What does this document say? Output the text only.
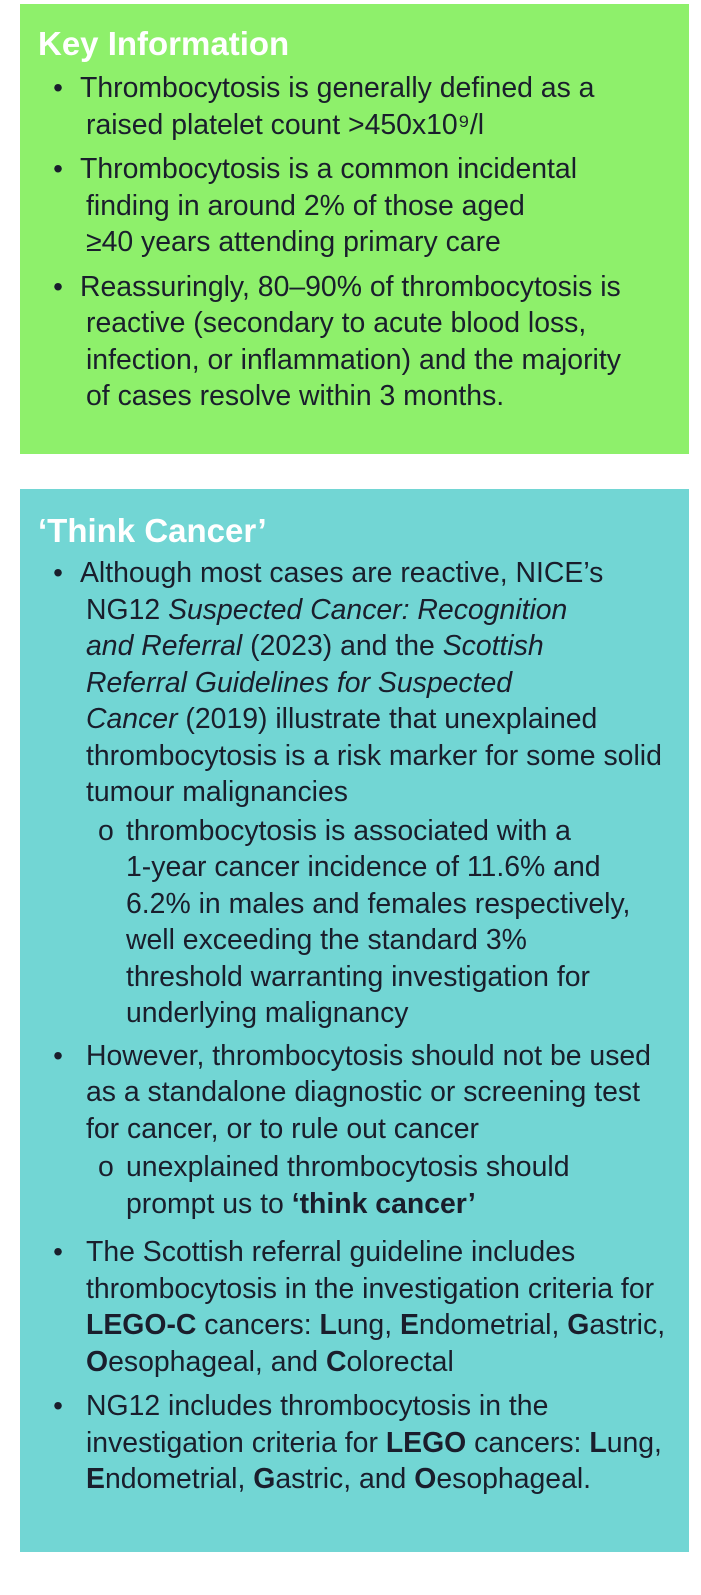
Key Information
• Thrombocytosis is generally defined as a
raised platelet count >450x10⁹/l
• Thrombocytosis is a common incidental
finding in around 2% of those aged
≥40 years attending primary care
• Reassuringly, 80–90% of thrombocytosis is
reactive (secondary to acute blood loss,
infection, or inflammation) and the majority
of cases resolve within 3 months.
‘Think Cancer’
• Although most cases are reactive, NICE’s
NG12 Suspected Cancer: Recognition
and Referral (2023) and the Scottish
Referral Guidelines for Suspected
Cancer (2019) illustrate that unexplained
thrombocytosis is a risk marker for some solid
tumour malignancies
o thrombocytosis is associated with a
1-year cancer incidence of 11.6% and
6.2% in males and females respectively,
well exceeding the standard 3%
threshold warranting investigation for
underlying malignancy
• However, thrombocytosis should not be used
as a standalone diagnostic or screening test
for cancer, or to rule out cancer
o unexplained thrombocytosis should
prompt us to ‘think cancer’
• The Scottish referral guideline includes
thrombocytosis in the investigation criteria for
LEGO-C cancers: Lung, Endometrial, Gastric,
Oesophageal, and Colorectal
• NG12 includes thrombocytosis in the
investigation criteria for LEGO cancers: Lung,
Endometrial, Gastric, and Oesophageal.
